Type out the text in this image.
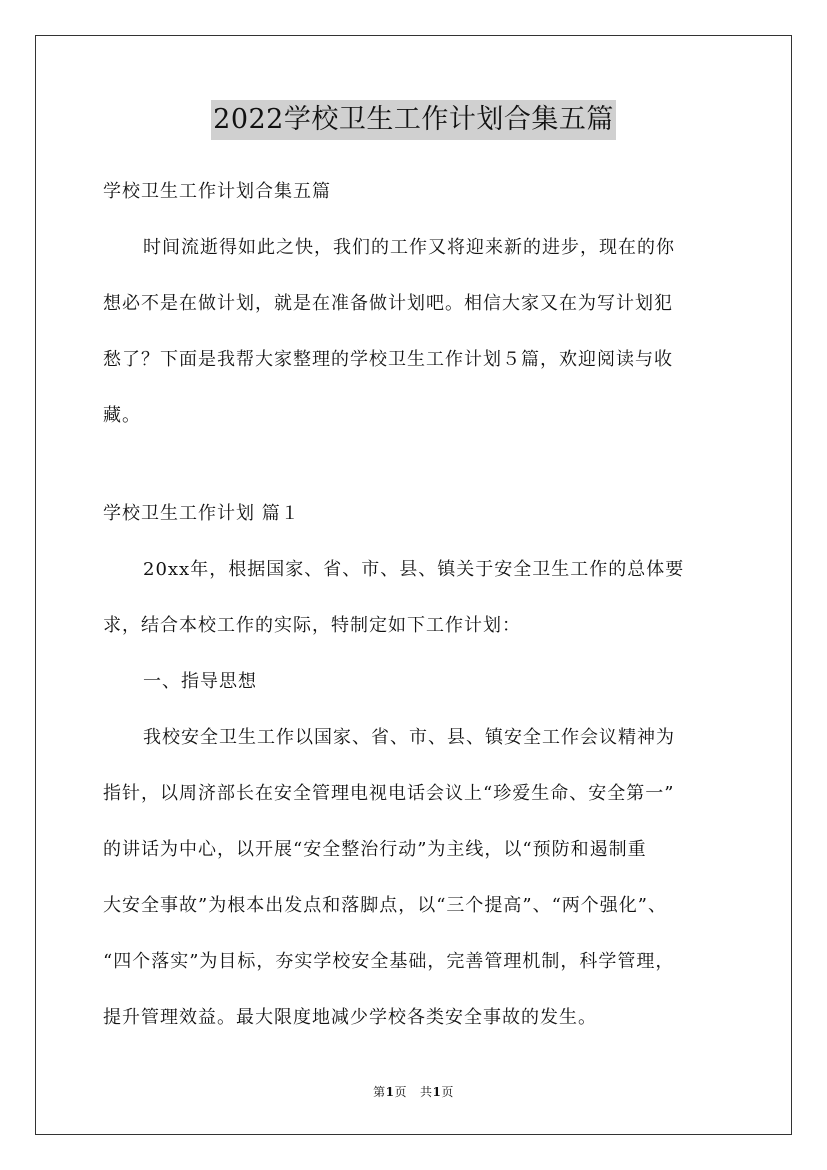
2022学校卫生工作计划合集五篇
学校卫生工作计划合集五篇
时间流逝得如此之快，我们的工作又将迎来新的进步，现在的你
想必不是在做计划，就是在准备做计划吧。相信大家又在为写计划犯
愁了？下面是我帮大家整理的学校卫生工作计划５篇，欢迎阅读与收
藏。
学校卫生工作计划 篇１
20xx年，根据国家、省、市、县、镇关于安全卫生工作的总体要
求，结合本校工作的实际，特制定如下工作计划：
一、指导思想
我校安全卫生工作以国家、省、市、县、镇安全工作会议精神为
指针，以周济部长在安全管理电视电话会议上“珍爱生命、安全第一”
的讲话为中心，以开展“安全整治行动”为主线，以“预防和遏制重
大安全事故”为根本出发点和落脚点，以“三个提高”、“两个强化”、
“四个落实”为目标，夯实学校安全基础，完善管理机制，科学管理，
提升管理效益。最大限度地减少学校各类安全事故的发生。
第1页 共1页
